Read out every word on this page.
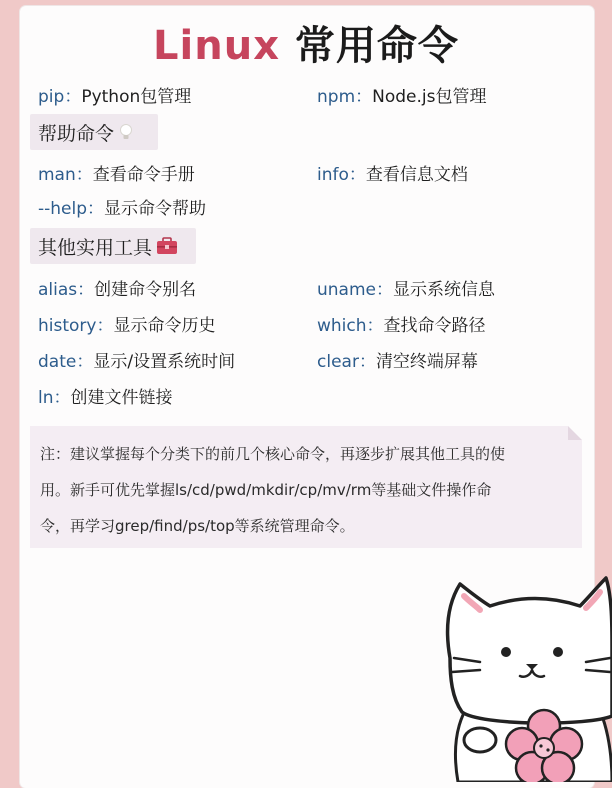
Linux 常用命令
pip：Python包管理	npm：Node.js包管理
帮助命令
man：查看命令手册	info：查看信息文档
--help：显示命令帮助
其他实用工具
alias：创建命令别名	uname：显示系统信息
history：显示命令历史	which：查找命令路径
date：显示/设置系统时间	clear：清空终端屏幕
ln：创建文件链接
注：建议掌握每个分类下的前几个核心命令，再逐步扩展其他工具的使
用。新手可优先掌握ls/cd/pwd/mkdir/cp/mv/rm等基础文件操作命
令，再学习grep/find/ps/top等系统管理命令。
